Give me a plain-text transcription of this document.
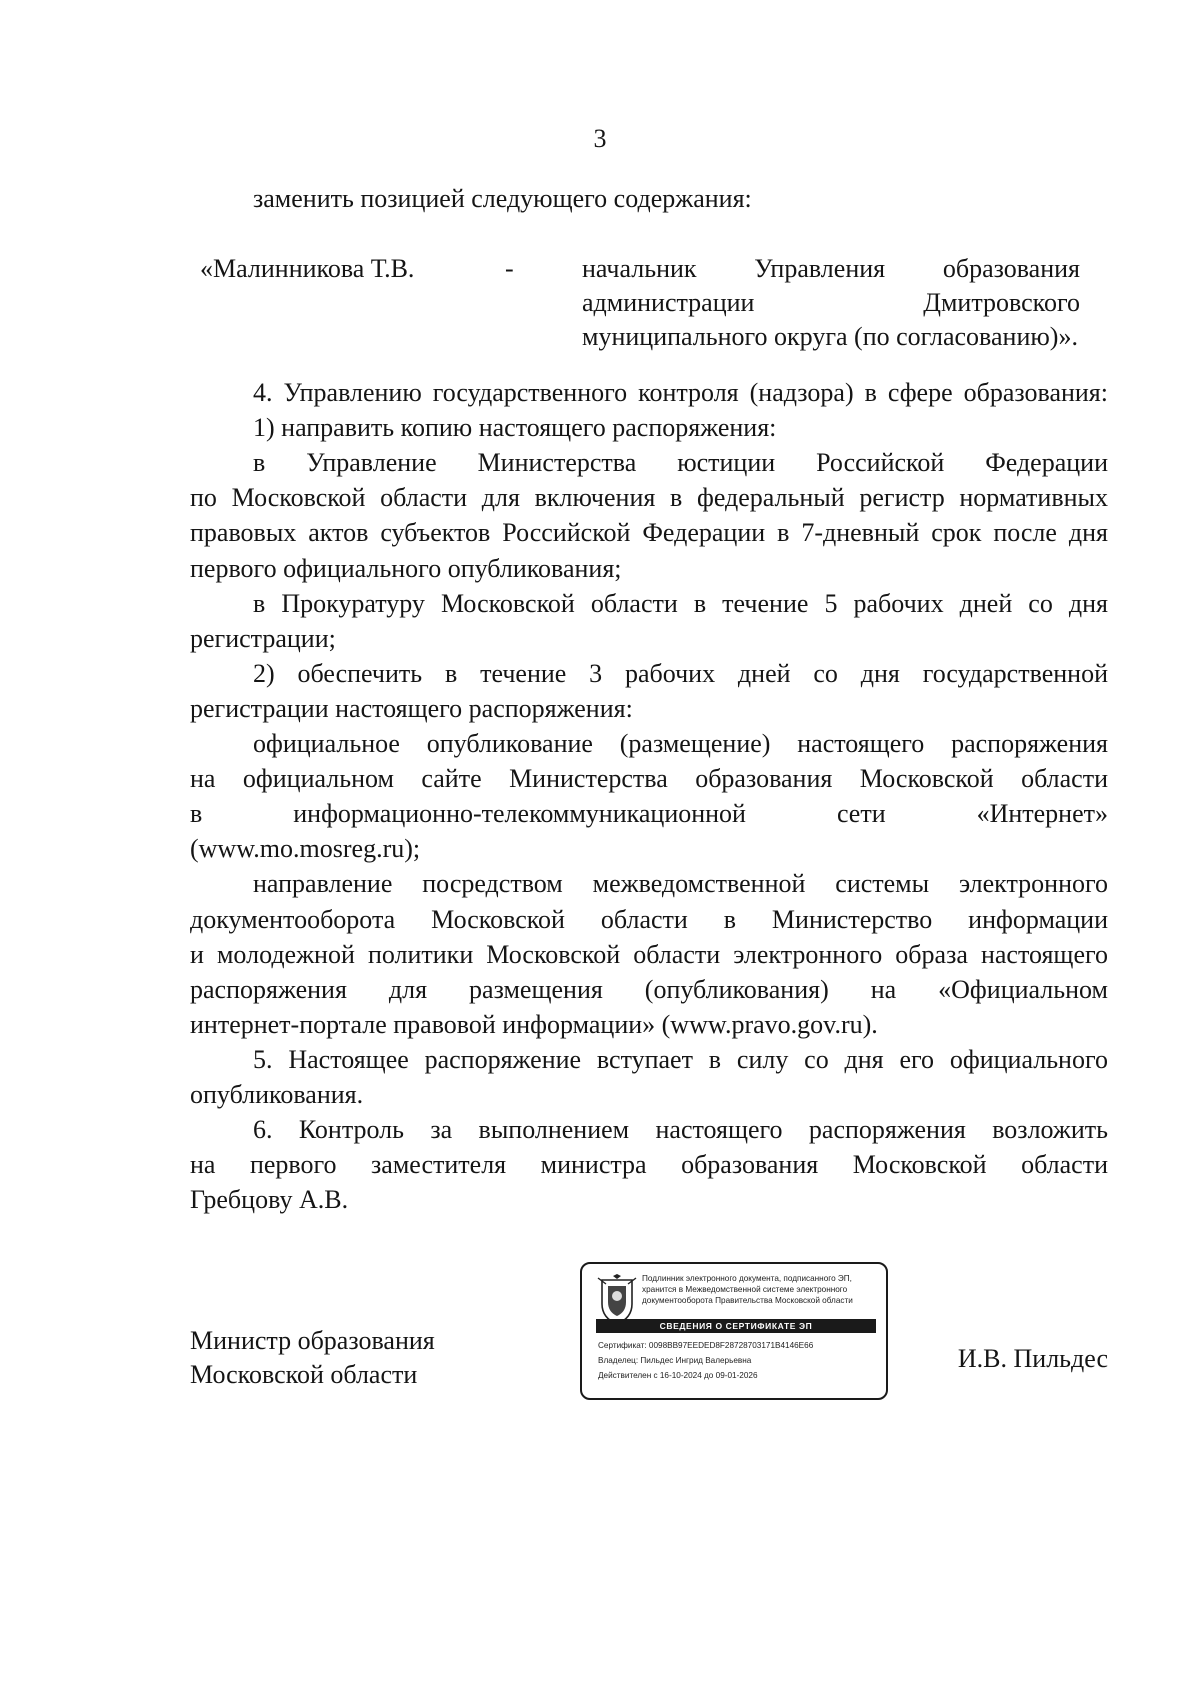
3
заменить позицией следующего содержания:
«Малинникова Т.В.	-	начальник Управления образования
администрации Дмитровского
муниципального округа (по согласованию)».
4. Управлению государственного контроля (надзора) в сфере образования:
1) направить копию настоящего распоряжения:
в Управление Министерства юстиции Российской Федерации
по Московской области для включения в федеральный регистр нормативных
правовых актов субъектов Российской Федерации в 7-дневный срок после дня
первого официального опубликования;
в Прокуратуру Московской области в течение 5 рабочих дней со дня
регистрации;
2) обеспечить в течение 3 рабочих дней со дня государственной
регистрации настоящего распоряжения:
официальное опубликование (размещение) настоящего распоряжения
на официальном сайте Министерства образования Московской области
в информационно-телекоммуникационной сети «Интернет»
(www.mo.mosreg.ru);
направление посредством межведомственной системы электронного
документооборота Московской области в Министерство информации
и молодежной политики Московской области электронного образа настоящего
распоряжения для размещения (опубликования) на «Официальном
интернет-портале правовой информации» (www.pravo.gov.ru).
5. Настоящее распоряжение вступает в силу со дня его официального
опубликования.
6. Контроль за выполнением настоящего распоряжения возложить
на первого заместителя министра образования Московской области
Гребцову А.В.
Министр образования
Московской области
И.В. Пильдес
Подлинник электронного документа, подписанного ЭП, хранится в Межведомственной системе электронного документооборота Правительства Московской области
СВЕДЕНИЯ О СЕРТИФИКАТЕ ЭП
Сертификат: 0098BB97EEDED8F28728703171B4146E66
Владелец: Пильдес Ингрид Валерьевна
Действителен с 16-10-2024 до 09-01-2026
